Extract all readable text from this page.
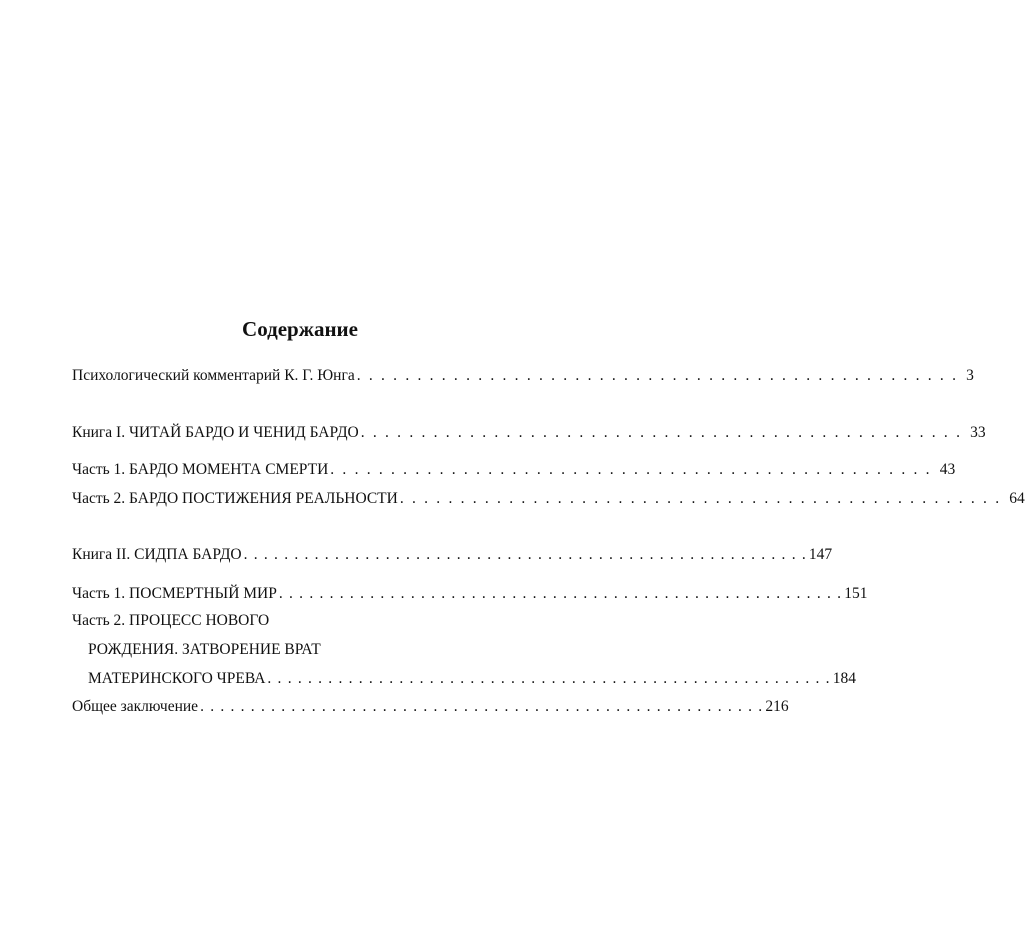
Содержание
Психологический комментарий К. Г. Юнга . . . . . . . . . . . . . . . . . . . . . . . . . . . . . . . . . . . . . . . . . . . . . . . . . . 3
Книга I. ЧИТАЙ БАРДО И ЧЕНИД БАРДО . . . . . . . . . . . . . . . . . . . . . . . . . . . . . . . . . . . . . . . . . . . . . . . . . . 33
Часть 1. БАРДО МОМЕНТА СМЕРТИ . . . . . . . . . . . . . . . . . . . . . . . . . . . . . . . . . . . . . . . . . . . . . . . . . . 43
Часть 2. БАРДО ПОСТИЖЕНИЯ РЕАЛЬНОСТИ . . . . . . . . . . . . . . . . . . . . . . . . . . . . . . . . . . . . . . . . . . . . . . . . . . 64
Книга II. СИДПА БАРДО . . . . . . . . . . . . . . . . . . . . . . . . . . . . . . . . . . . . . . . . . . . . . . . . . . . . . . . . 147
Часть 1. ПОСМЕРТНЫЙ МИР . . . . . . . . . . . . . . . . . . . . . . . . . . . . . . . . . . . . . . . . . . . . . . . . . . . . . . . . 151
Часть 2. ПРОЦЕСС НОВОГО
РОЖДЕНИЯ. ЗАТВОРЕНИЕ ВРАТ
МАТЕРИНСКОГО ЧРЕВА . . . . . . . . . . . . . . . . . . . . . . . . . . . . . . . . . . . . . . . . . . . . . . . . . . . . . . . . 184
Общее заключение . . . . . . . . . . . . . . . . . . . . . . . . . . . . . . . . . . . . . . . . . . . . . . . . . . . . . . . . 216
